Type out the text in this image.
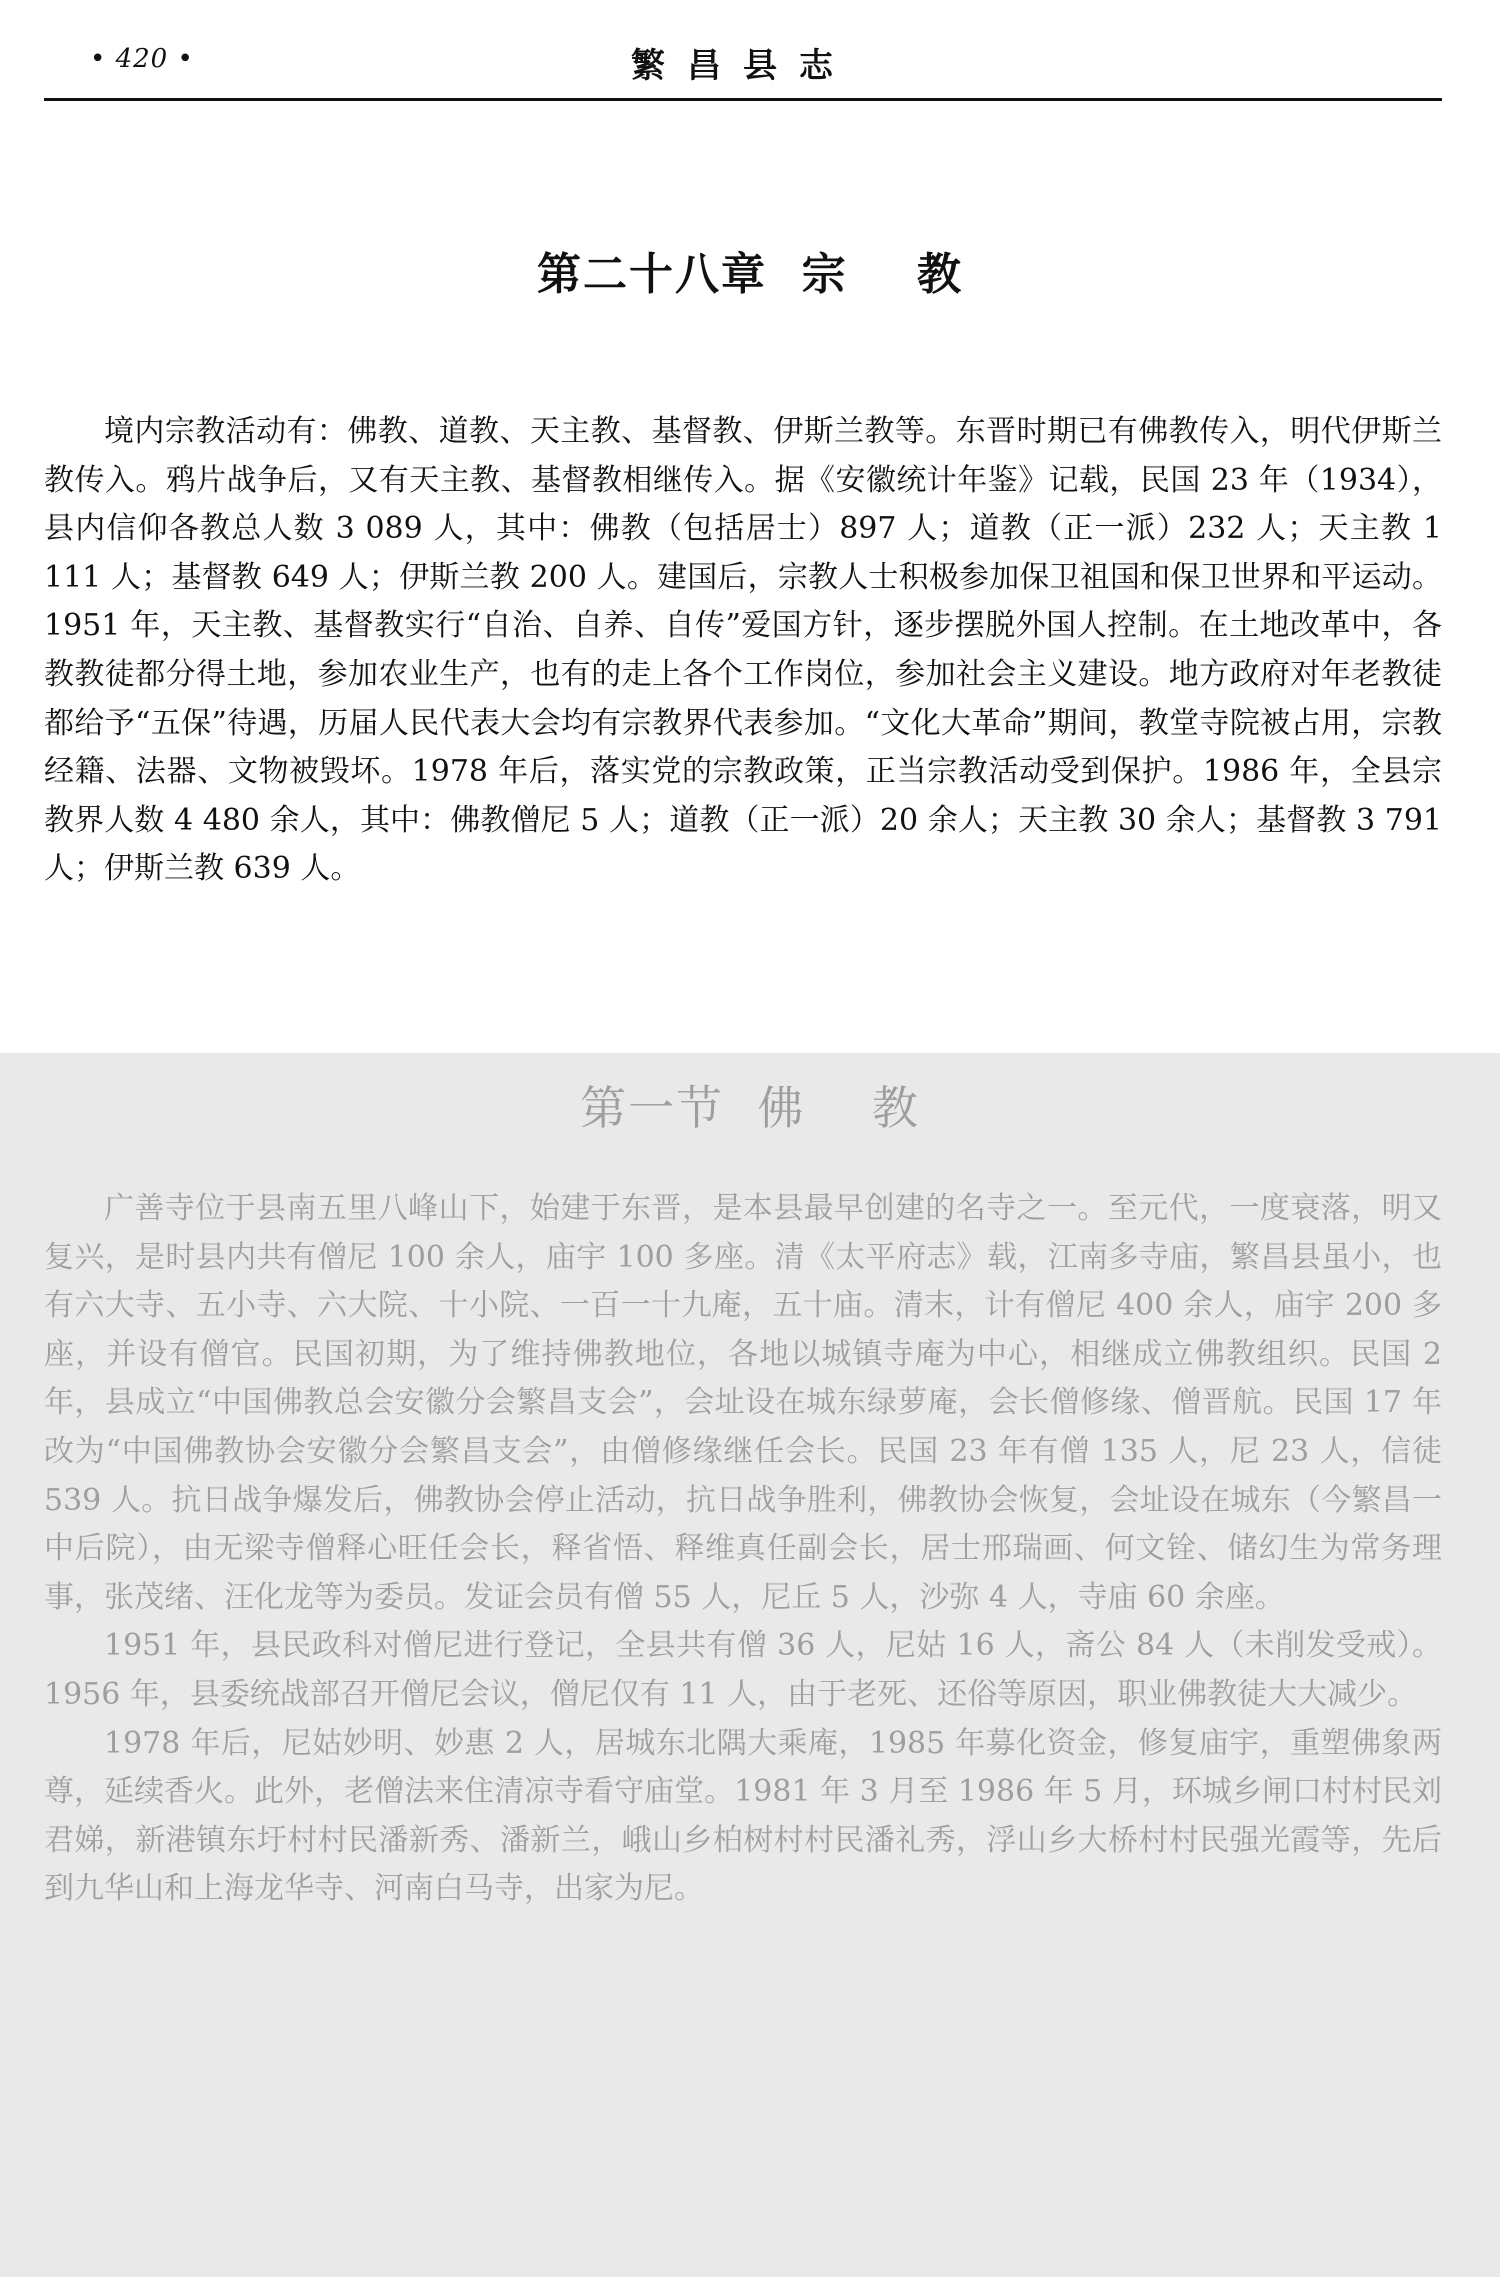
• 420 •	繁昌县志
第二十八章  宗    教

境内宗教活动有：佛教、道教、天主教、基督教、伊斯兰教等。东晋时期已有佛教传入，明代伊斯兰教传入。鸦片战争后，又有天主教、基督教相继传入。据《安徽统计年鉴》记载，民国 23 年（1934），县内信仰各教总人数 3 089 人，其中：佛教（包括居士）897 人；道教（正一派）232 人；天主教 1 111 人；基督教 649 人；伊斯兰教 200 人。建国后，宗教人士积极参加保卫祖国和保卫世界和平运动。1951 年，天主教、基督教实行“自治、自养、自传”爱国方针，逐步摆脱外国人控制。在土地改革中，各教教徒都分得土地，参加农业生产，也有的走上各个工作岗位，参加社会主义建设。地方政府对年老教徒都给予“五保”待遇，历届人民代表大会均有宗教界代表参加。“文化大革命”期间，教堂寺院被占用，宗教经籍、法器、文物被毁坏。1978 年后，落实党的宗教政策，正当宗教活动受到保护。1986 年，全县宗教界人数 4 480 余人，其中：佛教僧尼 5 人；道教（正一派）20 余人；天主教 30 余人；基督教 3 791 人；伊斯兰教 639 人。

第一节  佛    教

广善寺位于县南五里八峰山下，始建于东晋，是本县最早创建的名寺之一。至元代，一度衰落，明又复兴，是时县内共有僧尼 100 余人，庙宇 100 多座。清《太平府志》载，江南多寺庙，繁昌县虽小，也有六大寺、五小寺、六大院、十小院、一百一十九庵，五十庙。清末，计有僧尼 400 余人，庙宇 200 多座，并设有僧官。民国初期，为了维持佛教地位，各地以城镇寺庵为中心，相继成立佛教组织。民国 2 年，县成立“中国佛教总会安徽分会繁昌支会”，会址设在城东绿萝庵，会长僧修缘、僧晋航。民国 17 年改为“中国佛教协会安徽分会繁昌支会”，由僧修缘继任会长。民国 23 年有僧 135 人，尼 23 人，信徒 539 人。抗日战争爆发后，佛教协会停止活动，抗日战争胜利，佛教协会恢复，会址设在城东（今繁昌一中后院），由无梁寺僧释心旺任会长，释省悟、释维真任副会长，居士邢瑞画、何文铨、储幻生为常务理事，张茂绪、汪化龙等为委员。发证会员有僧 55 人，尼丘 5 人，沙弥 4 人，寺庙 60 余座。

1951 年，县民政科对僧尼进行登记，全县共有僧 36 人，尼姑 16 人，斋公 84 人（未削发受戒）。1956 年，县委统战部召开僧尼会议，僧尼仅有 11 人，由于老死、还俗等原因，职业佛教徒大大减少。

1978 年后，尼姑妙明、妙惠 2 人，居城东北隅大乘庵，1985 年募化资金，修复庙宇，重塑佛象两尊，延续香火。此外，老僧法来住清凉寺看守庙堂。1981 年 3 月至 1986 年 5 月，环城乡闸口村村民刘君娣，新港镇东圩村村民潘新秀、潘新兰，峨山乡柏树村村民潘礼秀，浮山乡大桥村村民强光霞等，先后到九华山和上海龙华寺、河南白马寺，出家为尼。
